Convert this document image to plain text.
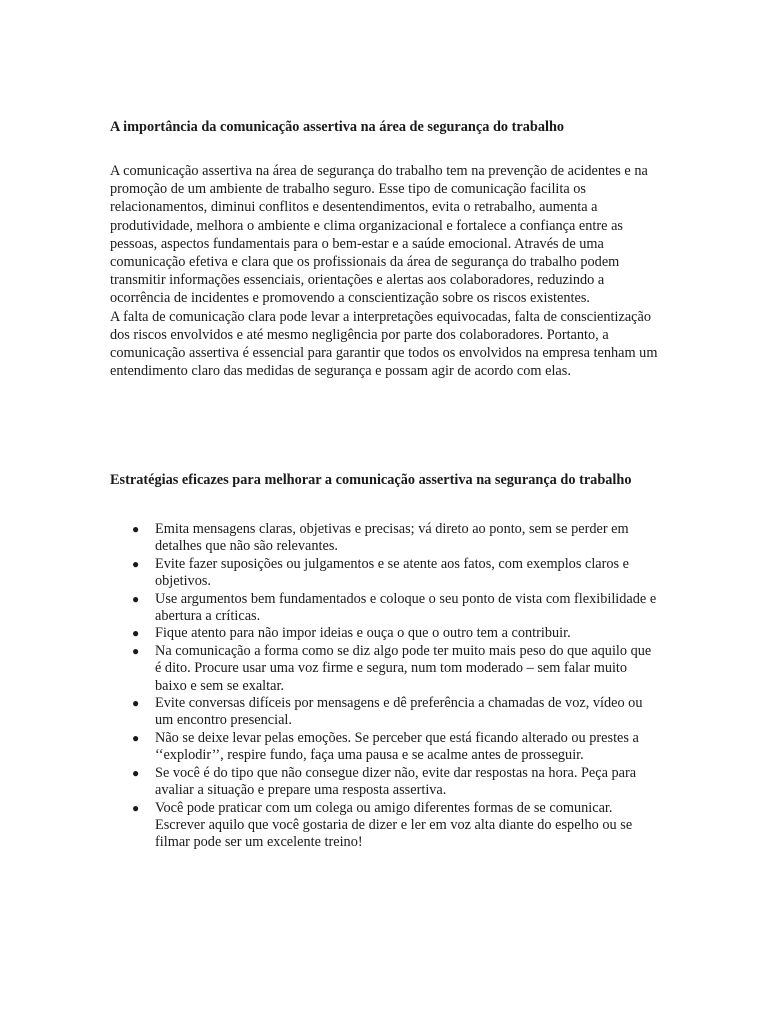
A importância da comunicação assertiva na área de segurança do trabalho

A comunicação assertiva na área de segurança do trabalho tem na prevenção de acidentes e na promoção de um ambiente de trabalho seguro. Esse tipo de comunicação facilita os relacionamentos, diminui conflitos e desentendimentos, evita o retrabalho, aumenta a produtividade, melhora o ambiente e clima organizacional e fortalece a confiança entre as pessoas, aspectos fundamentais para o bem-estar e a saúde emocional. Através de uma comunicação efetiva e clara que os profissionais da área de segurança do trabalho podem transmitir informações essenciais, orientações e alertas aos colaboradores, reduzindo a ocorrência de incidentes e promovendo a conscientização sobre os riscos existentes.

A falta de comunicação clara pode levar a interpretações equivocadas, falta de conscientização dos riscos envolvidos e até mesmo negligência por parte dos colaboradores. Portanto, a comunicação assertiva é essencial para garantir que todos os envolvidos na empresa tenham um entendimento claro das medidas de segurança e possam agir de acordo com elas.

Estratégias eficazes para melhorar a comunicação assertiva na segurança do trabalho
● Emita mensagens claras, objetivas e precisas; vá direto ao ponto, sem se perder em detalhes que não são relevantes.
● Evite fazer suposições ou julgamentos e se atente aos fatos, com exemplos claros e objetivos.
● Use argumentos bem fundamentados e coloque o seu ponto de vista com flexibilidade e abertura a críticas.
● Fique atento para não impor ideias e ouça o que o outro tem a contribuir.
● Na comunicação a forma como se diz algo pode ter muito mais peso do que aquilo que é dito. Procure usar uma voz firme e segura, num tom moderado – sem falar muito baixo e sem se exaltar.
● Evite conversas difíceis por mensagens e dê preferência a chamadas de voz, vídeo ou um encontro presencial.
● Não se deixe levar pelas emoções. Se perceber que está ficando alterado ou prestes a ‘‘explodir’’, respire fundo, faça uma pausa e se acalme antes de prosseguir.
● Se você é do tipo que não consegue dizer não, evite dar respostas na hora. Peça para avaliar a situação e prepare uma resposta assertiva.
● Você pode praticar com um colega ou amigo diferentes formas de se comunicar. Escrever aquilo que você gostaria de dizer e ler em voz alta diante do espelho ou se filmar pode ser um excelente treino!
